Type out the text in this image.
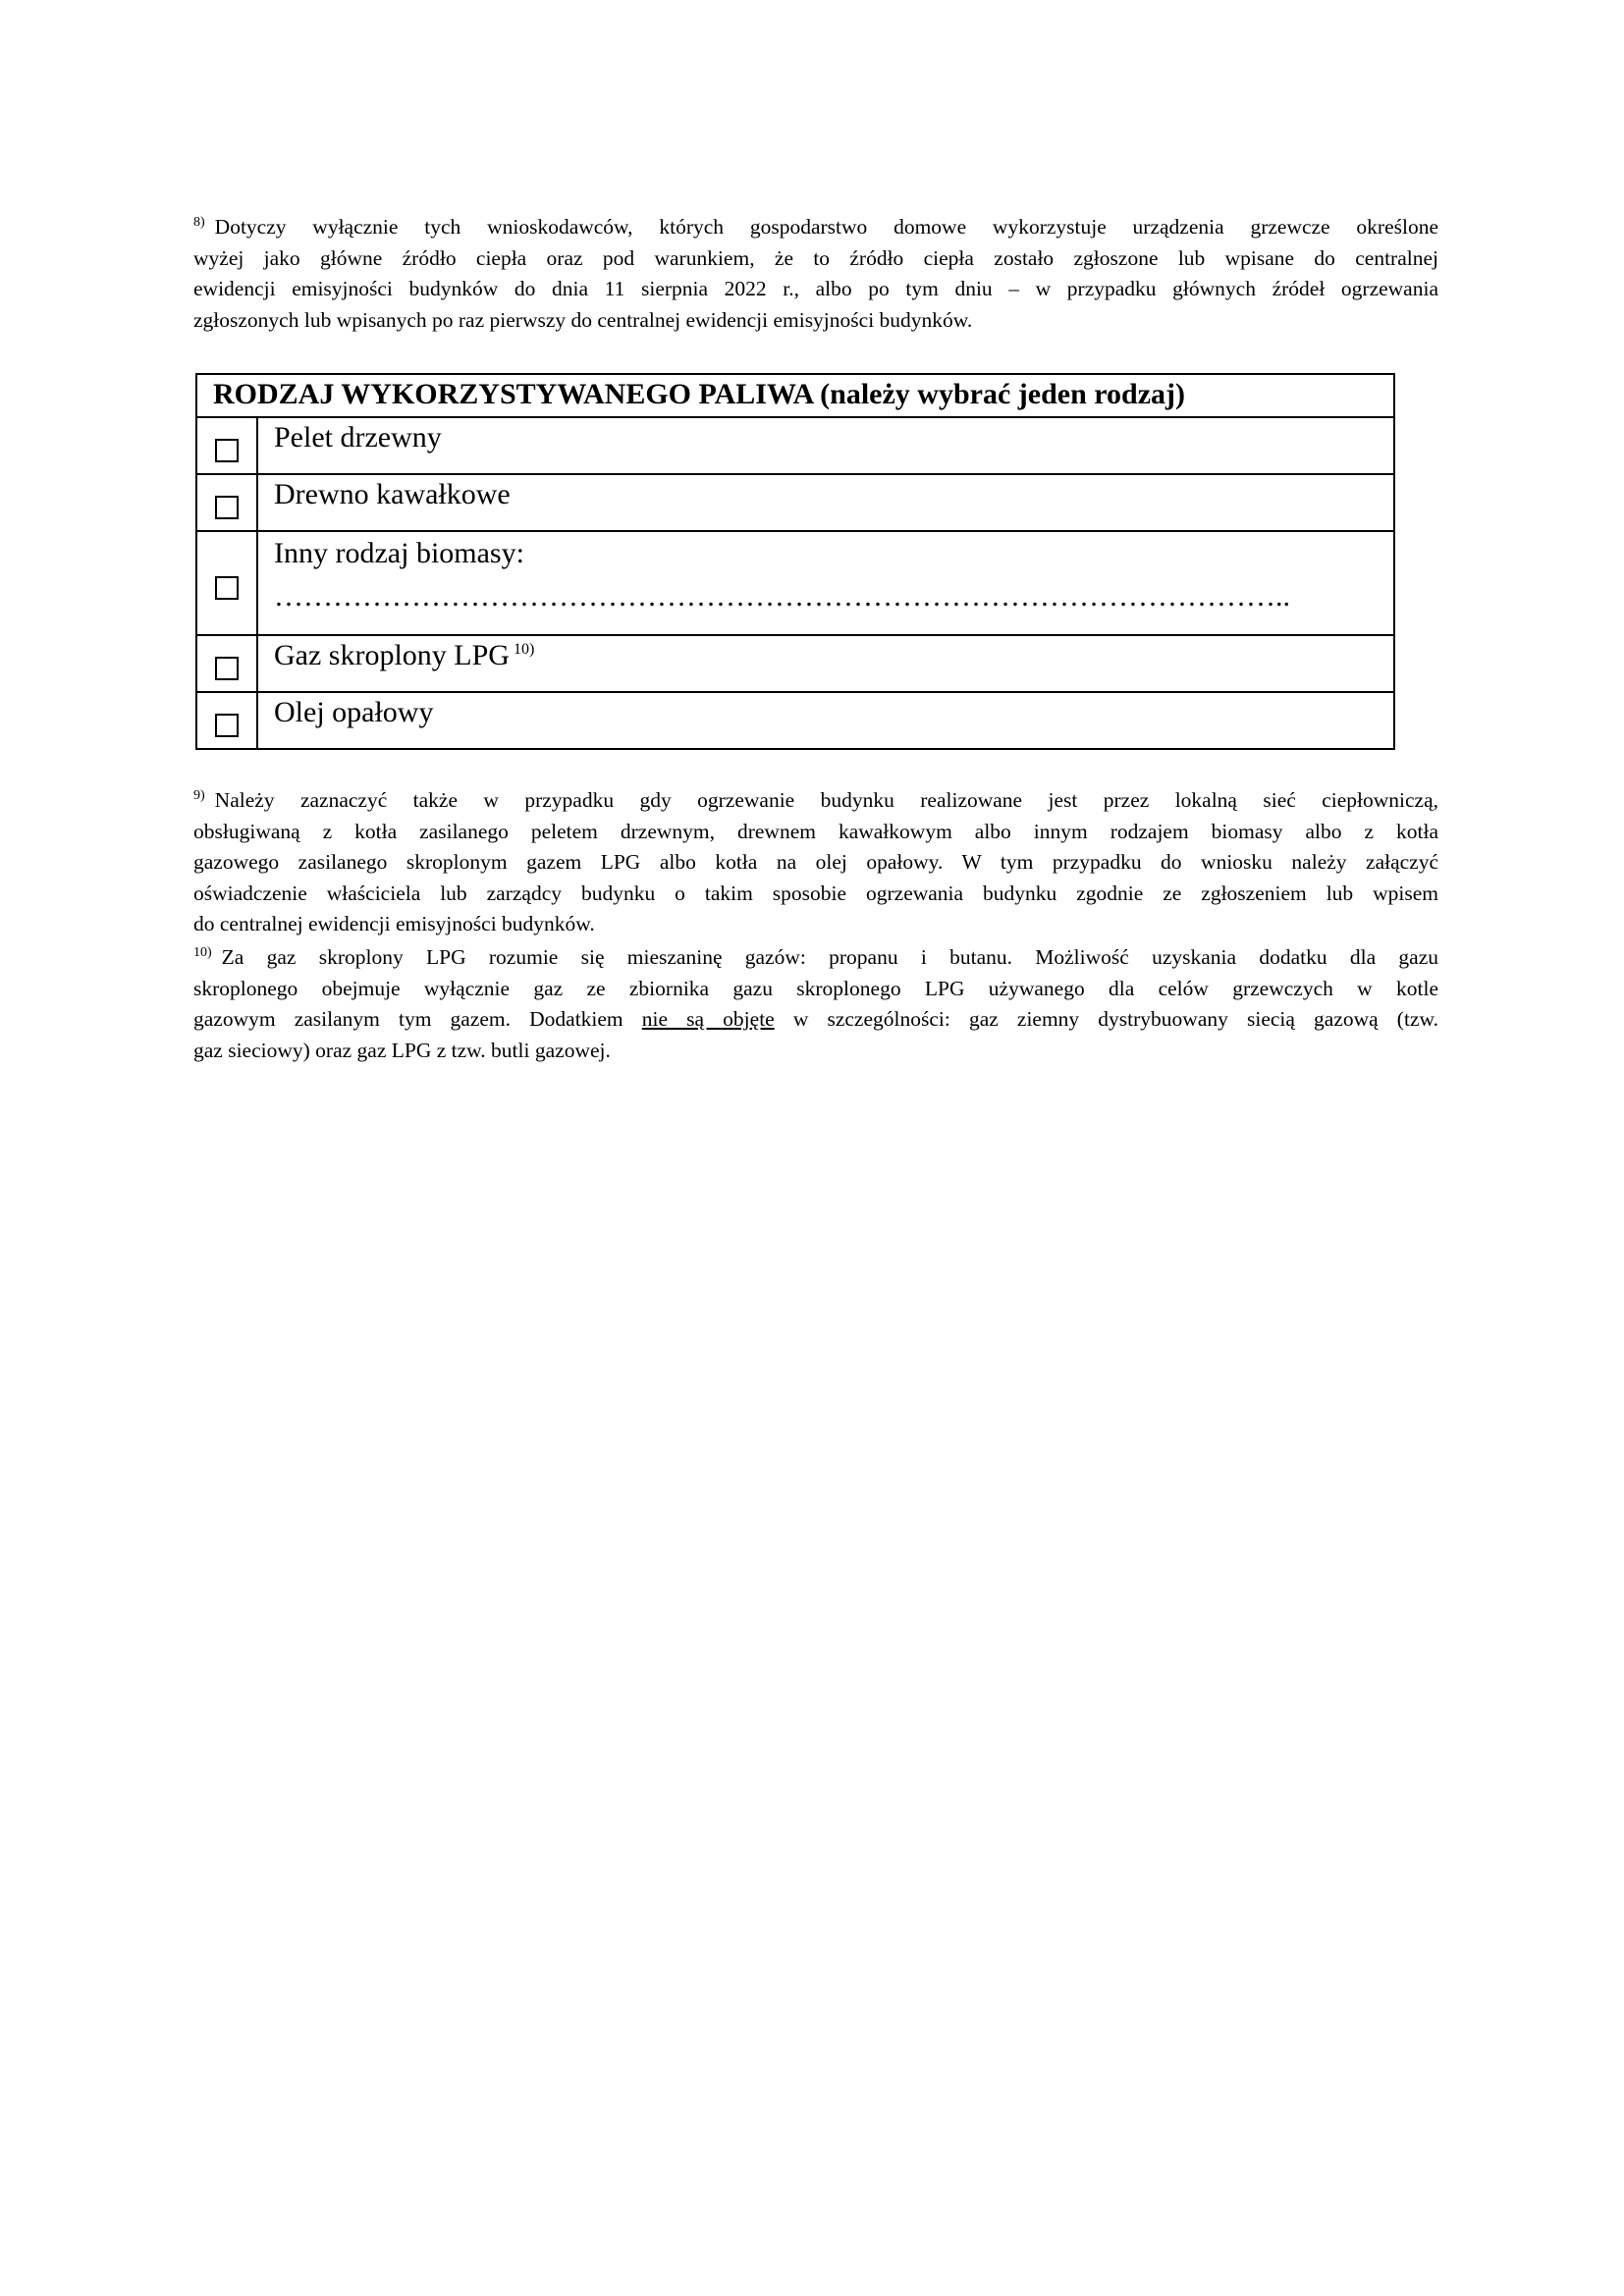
$^{8)}$ Dotyczy wyłącznie tych wnioskodawców, których gospodarstwo domowe wykorzystuje urządzenia grzewcze określone
wyżej jako główne źródło ciepła oraz pod warunkiem, że to źródło ciepła zostało zgłoszone lub wpisane do centralnej
ewidencji emisyjności budynków do dnia 11 sierpnia 2022 r., albo po tym dniu – w przypadku głównych źródeł ogrzewania
zgłoszonych lub wpisanych po raz pierwszy do centralnej ewidencji emisyjności budynków.

RODZAJ WYKORZYSTYWANEGO PALIWA (należy wybrać jeden rodzaj)	
	Pelet drzewny
	Drewno kawałkowe
	Inny rodzaj biomasy:
…………………………………………………………………………………………..

	Gaz skroplony LPG $^{10)}$
	Olej opałowy

$^{9)}$ Należy zaznaczyć także w przypadku gdy ogrzewanie budynku realizowane jest przez lokalną sieć ciepłowniczą,
obsługiwaną z kotła zasilanego peletem drzewnym, drewnem kawałkowym albo innym rodzajem biomasy albo z kotła
gazowego zasilanego skroplonym gazem LPG albo kotła na olej opałowy. W tym przypadku do wniosku należy załączyć
oświadczenie właściciela lub zarządcy budynku o takim sposobie ogrzewania budynku zgodnie ze zgłoszeniem lub wpisem
do centralnej ewidencji emisyjności budynków.

$^{10)}$ Za gaz skroplony LPG rozumie się mieszaninę gazów: propanu i butanu. Możliwość uzyskania dodatku dla gazu
skroplonego obejmuje wyłącznie gaz ze zbiornika gazu skroplonego LPG używanego dla celów grzewczych w kotle
gazowym zasilanym tym gazem. Dodatkiem nie są objęte w szczególności: gaz ziemny dystrybuowany siecią gazową (tzw.
gaz sieciowy) oraz gaz LPG z tzw. butli gazowej.
